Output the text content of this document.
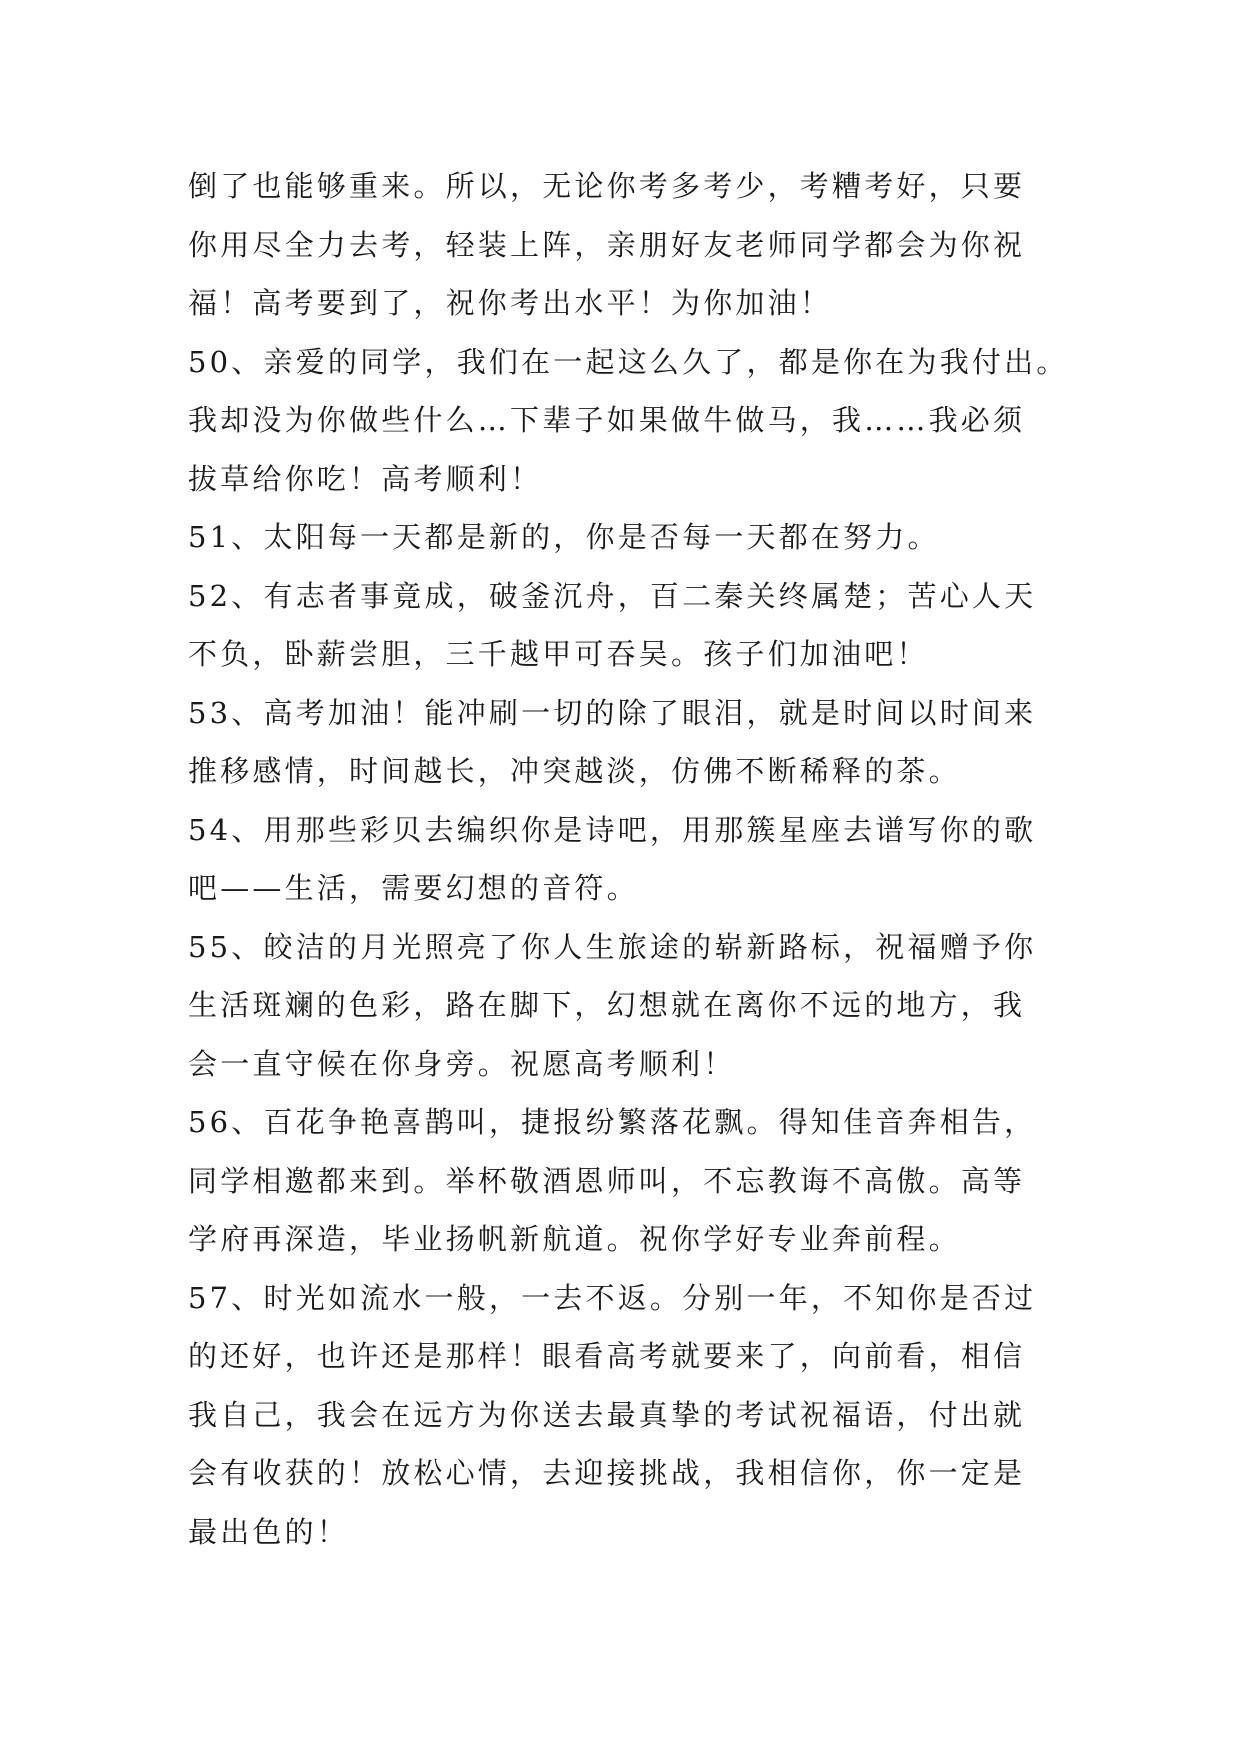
倒了也能够重来。所以，无论你考多考少，考糟考好，只要
你用尽全力去考，轻装上阵，亲朋好友老师同学都会为你祝
福！高考要到了，祝你考出水平！为你加油！
50、亲爱的同学，我们在一起这么久了，都是你在为我付出。
我却没为你做些什么…下辈子如果做牛做马，我……我必须
拔草给你吃！高考顺利！
51、太阳每一天都是新的，你是否每一天都在努力。
52、有志者事竟成，破釜沉舟，百二秦关终属楚；苦心人天
不负，卧薪尝胆，三千越甲可吞吴。孩子们加油吧！
53、高考加油！能冲刷一切的除了眼泪，就是时间以时间来
推移感情，时间越长，冲突越淡，仿佛不断稀释的茶。
54、用那些彩贝去编织你是诗吧，用那簇星座去谱写你的歌
吧——生活，需要幻想的音符。
55、皎洁的月光照亮了你人生旅途的崭新路标，祝福赠予你
生活斑斓的色彩，路在脚下，幻想就在离你不远的地方，我
会一直守候在你身旁。祝愿高考顺利！
56、百花争艳喜鹊叫，捷报纷繁落花飘。得知佳音奔相告，
同学相邀都来到。举杯敬酒恩师叫，不忘教诲不高傲。高等
学府再深造，毕业扬帆新航道。祝你学好专业奔前程。
57、时光如流水一般，一去不返。分别一年，不知你是否过
的还好，也许还是那样！眼看高考就要来了，向前看，相信
我自己，我会在远方为你送去最真挚的考试祝福语，付出就
会有收获的！放松心情，去迎接挑战，我相信你，你一定是
最出色的！
